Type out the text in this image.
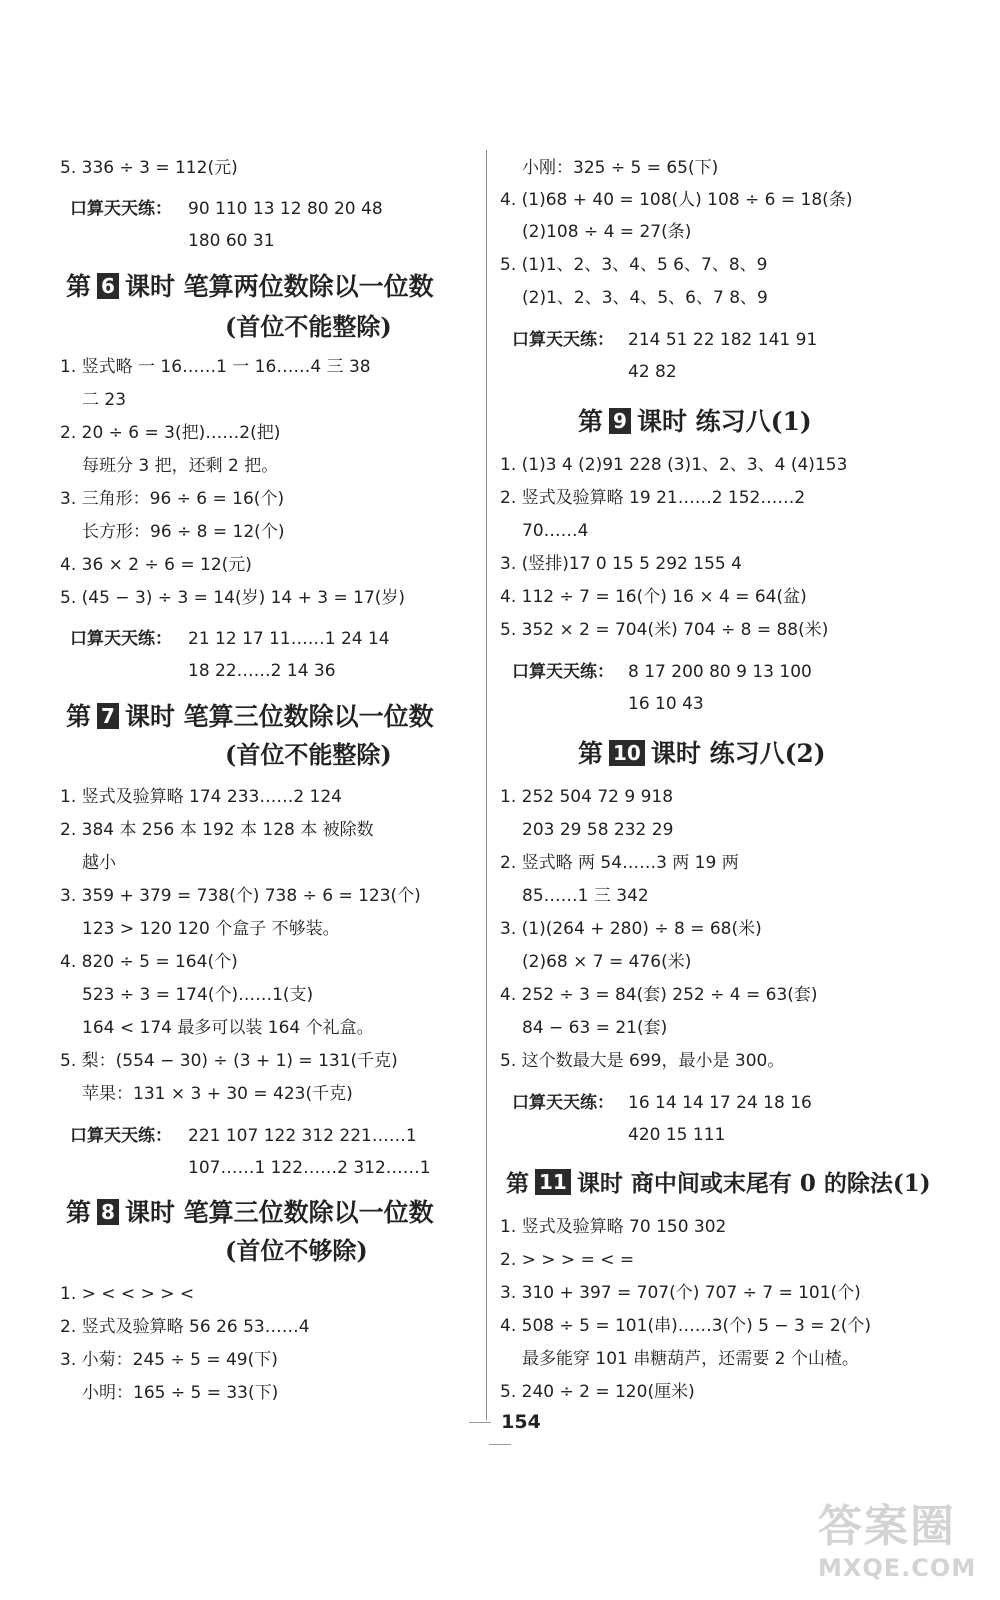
5. 336 ÷ 3 = 112(元)
口算天天练： 90 110 13 12 80 20 48
180 60 31
第 6 课时 笔算两位数除以一位数
(首位不能整除)
1. 竖式略 一 16……1 一 16……4 三 38
二 23
2. 20 ÷ 6 = 3(把)……2(把)
每班分 3 把，还剩 2 把。
3. 三角形：96 ÷ 6 = 16(个)
长方形：96 ÷ 8 = 12(个)
4. 36 × 2 ÷ 6 = 12(元)
5. (45 − 3) ÷ 3 = 14(岁) 14 + 3 = 17(岁)
口算天天练： 21 12 17 11……1 24 14
18 22……2 14 36
第 7 课时 笔算三位数除以一位数
(首位不能整除)
1. 竖式及验算略 174 233……2 124
2. 384 本 256 本 192 本 128 本 被除数
越小
3. 359 + 379 = 738(个) 738 ÷ 6 = 123(个)
123 > 120 120 个盒子 不够装。
4. 820 ÷ 5 = 164(个)
523 ÷ 3 = 174(个)……1(支)
164 < 174 最多可以装 164 个礼盒。
5. 梨：(554 − 30) ÷ (3 + 1) = 131(千克)
苹果：131 × 3 + 30 = 423(千克)
口算天天练： 221 107 122 312 221……1
107……1 122……2 312……1
第 8 课时 笔算三位数除以一位数
(首位不够除)
1. > < < > > <
2. 竖式及验算略 56 26 53……4
3. 小菊：245 ÷ 5 = 49(下)
小明：165 ÷ 5 = 33(下)
小刚：325 ÷ 5 = 65(下)
4. (1)68 + 40 = 108(人) 108 ÷ 6 = 18(条)
(2)108 ÷ 4 = 27(条)
5. (1)1、2、3、4、5 6、7、8、9
(2)1、2、3、4、5、6、7 8、9
口算天天练： 214 51 22 182 141 91
42 82
第 9 课时 练习八(1)
1. (1)3 4 (2)91 228 (3)1、2、3、4 (4)153
2. 竖式及验算略 19 21……2 152……2
70……4
3. (竖排)17 0 15 5 292 155 4
4. 112 ÷ 7 = 16(个) 16 × 4 = 64(盆)
5. 352 × 2 = 704(米) 704 ÷ 8 = 88(米)
口算天天练： 8 17 200 80 9 13 100
16 10 43
第 10 课时 练习八(2)
1. 252 504 72 9 918
203 29 58 232 29
2. 竖式略 两 54……3 两 19 两
85……1 三 342
3. (1)(264 + 280) ÷ 8 = 68(米)
(2)68 × 7 = 476(米)
4. 252 ÷ 3 = 84(套) 252 ÷ 4 = 63(套)
84 − 63 = 21(套)
5. 这个数最大是 699，最小是 300。
口算天天练： 16 14 14 17 24 18 16
420 15 111
第 11 课时 商中间或末尾有 0 的除法(1)
1. 竖式及验算略 70 150 302
2. > > > = < =
3. 310 + 397 = 707(个) 707 ÷ 7 = 101(个)
4. 508 ÷ 5 = 101(串)……3(个) 5 − 3 = 2(个)
最多能穿 101 串糖葫芦，还需要 2 个山楂。
5. 240 ÷ 2 = 120(厘米)
154
答案圈
MXQE.COM
